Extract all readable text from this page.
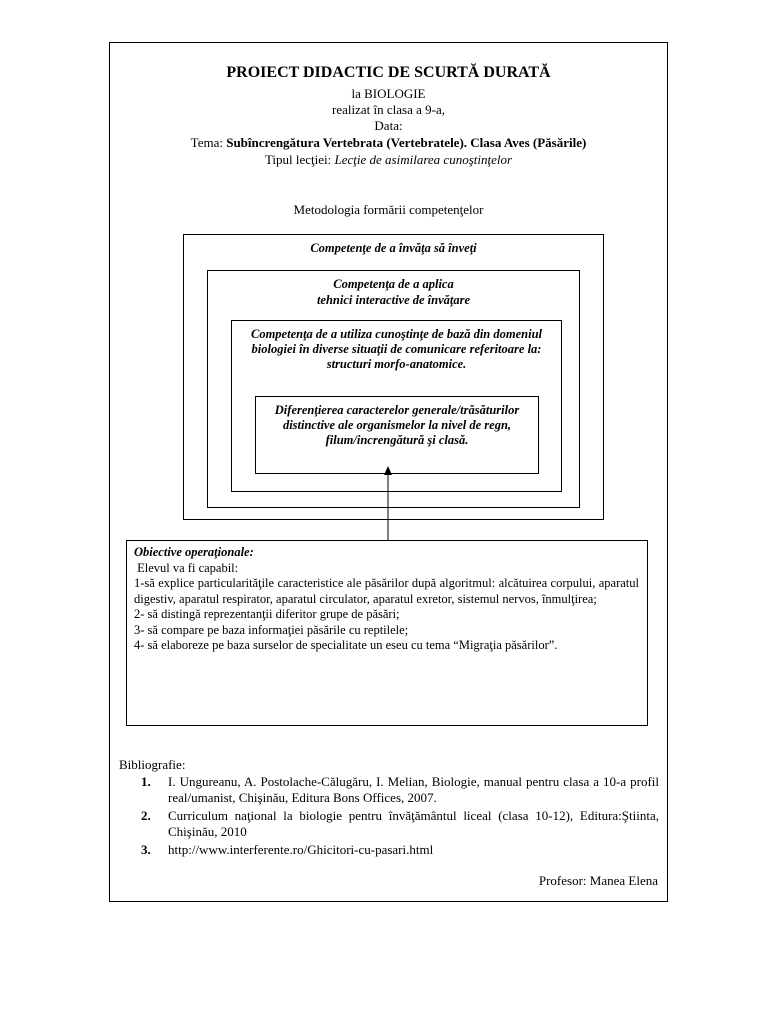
PROIECT DIDACTIC DE SCURTĂ DURATĂ
la BIOLOGIE
realizat în clasa a 9-a,
Data:
Tema: Subîncrengătura Vertebrata (Vertebratele). Clasa Aves (Păsările)
Tipul lecţiei: Lecţie de asimilarea cunoştinţelor
Metodologia formării competenţelor
Competenţe de a învăţa să înveţi
Competenţa de a aplica
tehnici interactive de învăţare
Competenţa de a utiliza cunoştinţe de bază din domeniul biologiei în diverse situaţii de comunicare referitoare la: structuri morfo-anatomice.
Diferenţierea caracterelor generale/trăsăturilor distinctive ale organismelor la nivel de regn, filum/increngătură şi clasă.
Obiective operaţionale:
Elevul va fi capabil:
1-să explice particularităţile caracteristice ale păsărilor după algoritmul: alcătuirea corpului, aparatul digestiv, aparatul respirator, aparatul circulator, aparatul exretor, sistemul nervos, înmulţirea;
2- să distingă reprezentanţii diferitor grupe de păsări;
3- să compare pe baza informaţiei păsările cu reptilele;
4- să elaboreze pe baza surselor de specialitate un eseu cu tema “Migraţia păsărilor”.
Bibliografie:
1.	I. Ungureanu, A. Postolache-Călugăru, I. Melian, Biologie, manual pentru clasa a 10-a profil real/umanist, Chişinău, Editura Bons Offices, 2007.
2.	Curriculum naţional la biologie pentru învăţământul liceal (clasa 10-12), Editura:Ştiinta, Chişinău, 2010
3.	http://www.interferente.ro/Ghicitori-cu-pasari.html
Profesor: Manea Elena
